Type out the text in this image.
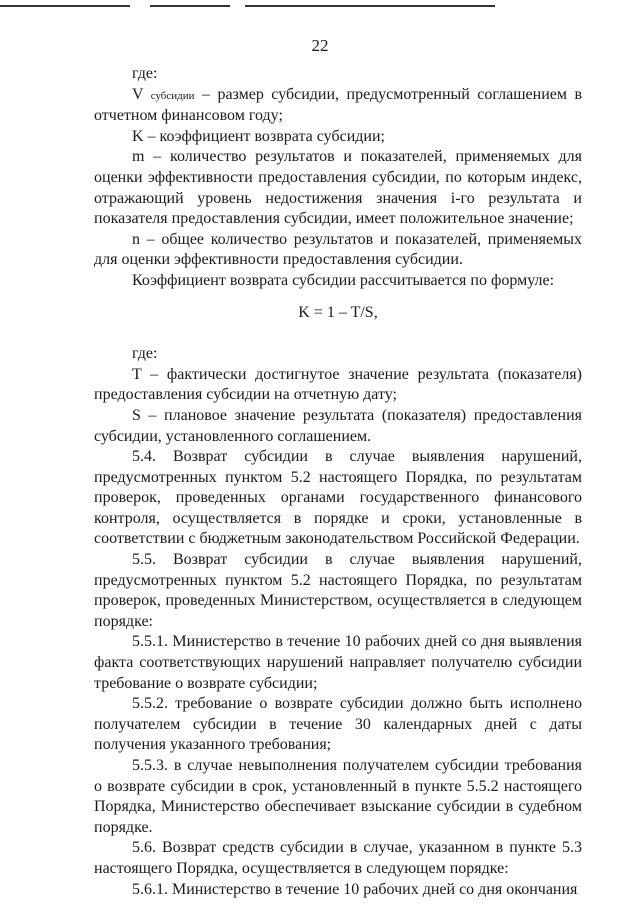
22

где:

V субсидии – размер субсидии, предусмотренный соглашением в отчетном финансовом году;

K – коэффициент возврата субсидии;

m – количество результатов и показателей, применяемых для оценки эффективности предоставления субсидии, по которым индекс, отражающий уровень недостижения значения i-го результата и показателя предоставления субсидии, имеет положительное значение;

n – общее количество результатов и показателей, применяемых для оценки эффективности предоставления субсидии.

Коэффициент возврата субсидии рассчитывается по формуле:

K = 1 – T/S,

где:

T – фактически достигнутое значение результата (показателя) предоставления субсидии на отчетную дату;

S – плановое значение результата (показателя) предоставления субсидии, установленного соглашением.

5.4. Возврат субсидии в случае выявления нарушений, предусмотренных пунктом 5.2 настоящего Порядка, по результатам проверок, проведенных органами государственного финансового контроля, осуществляется в порядке и сроки, установленные в соответствии с бюджетным законодательством Российской Федерации.

5.5. Возврат субсидии в случае выявления нарушений, предусмотренных пунктом 5.2 настоящего Порядка, по результатам проверок, проведенных Министерством, осуществляется в следующем порядке:

5.5.1. Министерство в течение 10 рабочих дней со дня выявления факта соответствующих нарушений направляет получателю субсидии требование о возврате субсидии;

5.5.2. требование о возврате субсидии должно быть исполнено получателем субсидии в течение 30 календарных дней с даты получения указанного требования;

5.5.3. в случае невыполнения получателем субсидии требования о возврате субсидии в срок, установленный в пункте 5.5.2 настоящего Порядка, Министерство обеспечивает взыскание субсидии в судебном порядке.

5.6. Возврат средств субсидии в случае, указанном в пункте 5.3 настоящего Порядка, осуществляется в следующем порядке:

5.6.1. Министерство в течение 10 рабочих дней со дня окончания
